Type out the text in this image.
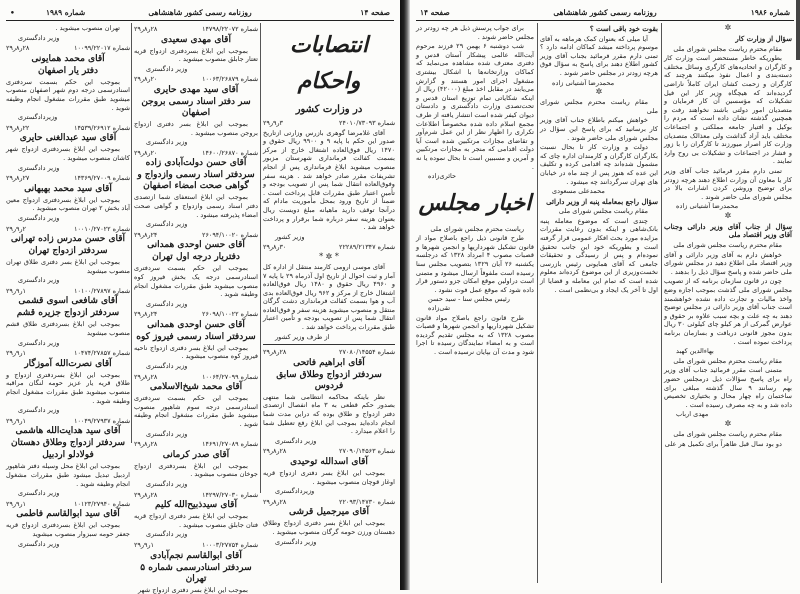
•	شماره ۱۹۸۹	روزنامه رسمی کشور شاهنشاهی	صفحه ۱۴
شماره ۱۴۷۹۸/۲۲۰۷۲
۲۸ر۸ر۲۹
آقای مهدی سعیدی
بموجب این ابلاغ بسردفتری ازدواج قریه تعتار جابلق منصوب میشوید .
وزیر دادگستری
شماره ۱۰۰۶۳/۲۶۸۷۹
۲۰ر۸ر۲۹
آقای سید مهدی حایری
سر دفتر اسناد رسمی بروجن اصفهان
بموجب این ابلاغ بسر دفتری ازدواج بروجن منصوب میشوید .
وزیر دادگستری
شماره ۱۴۶۰۰/۲۶۸۷۰
۲۰ر۸ر۲۹
آقای حسن دولت‌آبادی زاده
سردفتر اسناد رسمی وازدواج و گواهی صحت امضاء اصفهان
بموجب این ابلاغ استعفای شما ازتصدی دفتر اسناد رسمی وازدواج و گواهی صحت امضاء پذیرفته میشود .
وزیر دادگستری
شماره ۲۶۰۹۴/۱۰۰۲۰
۲۴ر۸ر۲۹
آقای حسن اوحدی همدانی
دفتریار درجه اول تهران
بموجب این حکم بسمت سردفتری اسنادرسمی درجه یک بخش فیروز کوه منصوب میشوید طبق مقررات مشغول انجام وظیفه شوید .
وزیر دادگستری
شماره ۲۶۰۹۸/۱۰۰۲۲
۲۴ر۸ر۲۹
آقای حسن اوحدی همدانی
سردفتر اسناد رسمی فیروز کوه
بموجب این ابلاغ بسر دفتری ازدواج ناحیه فیروز کوه منصوب میشوید .
وزیر دادگستری
شماره ۱۰۰۶۴/۲۷۰۹۹
۲۸ر۸ر۲۹
آقای محمد شیخ‌الاسلامی
بموجب این حکم بسمت سردفتری اسنادرسمی درجه سوم شاهپور منصوب میشوید طبق مقررات مشغول انجام وظیفه شوید .
وزیر دادگستری
شماره ۱۴۶۹۱/۲۷۰۸۹
۲۸ر۸ر۲۹
آقای صدر کرمانی
بموجب این ابلاغ بسردفتری ازدواج جوخان منصوب میشوید .
وزیر دادگستری
شماره ۱۴۲۹۷/۲۷۰۳۰
۲۸ر۸ر۲۹
آقای سیدذبیح‌الله کلیم
بموجب این ابلاغ بسر دفتری ازدواج قریه فتان جابلق منصوب میشوید .
وزیر دادگستری
شماره ۱۰۰۰۳/۲۷۷۵۴
۱ر۹ر۲۹
آقای ابوالقاسم نجم‌آبادی
سردفتر اسنادرسمی شماره ۵ تهران
بموجب این ابلاغ بسر دفتری ازدواج شهر
تهران منصوب میشوید .
وزیر دادگستری
شماره ۱۰۰۹۹/۲۲۰۱۷
۲۸ر۸ر۲۹
آقای محمد همایونی
دفتر یار اصفهان
بموجب این حکم بسمت سردفتری اسنادرسمی درجه دوم شهر اصفهان منصوب میشوید طبق مقررات مشغول انجام وظیفه شوید .
وزیردادگستری
شماره ۱۴۵۳۹/۲۶۹۱۲
۲۲ر۸ر۲۹
آقای سید عبدالغنی حایری
بموجب این ابلاغ بسردفتری ازدواج شهر کاشان منصوب میشوید .
وزیر دادگستری
شماره ۱۴۳۶۹/۲۷۰۰۹
۲۷ر۸ر۲۹
آقای سید محمد بهبهانی
بموجب این ابلاغ بسردفتری ازدواج معین آباد بخش ۲ تهران منصوب میشوید .
وزیر دادگستری
شماره ۱۰۰۱۰/۲۷۰۲۲
۲ر۹ر۲۹
آقای حسن مدرس زاده تهرانی
سردفتر ازدواج تهران
بموجب این ابلاغ بسر دفتری طلاق تهران منصوب میشوید
وزیر دادگستری
شماره ۱۰۱۰۰/۲۷۸۹۷
۱ر۹ر۲۹
آقای شافعی اسوی قشمی
سردفتر ازدواج جزیره قشم
بموجب این ابلاغ بسردفتری طلاق قشم منصوب میشوید
وزیر دادگستری
شماره ۱۰۴۷۴/۲۷۸۵۷
۱ر۹ر۲۹
آقای نصرت‌الله آموزگار
بموجب این ابلاغ بسردفتری ازدواج و طلاق قریه یار عزیز حومه لنگان مراقبه منصوب میشوید طبق مقررات مشغول انجام وظیفه شوید .
وزیر دادگستری
شماره ۱۰۰۴۹/۲۷۹۳۷
۱ر۹ر۲۹
آقای سید هدایت‌الله هاشمی
سردفتر ازدواج وطلاق دهستان
فولادلو اردبیل
بموجب این ابلاغ محل وسیله دفتر شاهپور اردبیل تبدیل میشود طبق مقررات مشغول انجام وظیفه شوید .
وزیر دادگستری
شماره ۱۰۱۲۳/۲۷۹۴۰
۱ر۹ر۲۹
آقای سید ابوالقاسم فاطمی
بموجب این ابلاغ بسردفتری ازدواج قریه جعفر حومه سبزوار منصوب میشوید
وزیر دادگستری
انتصابات واحکام
در وزارت کشور
شماره ۲۴۰۱۰/۷۳۰۹۳
۳ر۹ر۲۹
آقای غلامرضا گوهری بازرس وزارتی ازتاریخ صدور این حکم با پایه ۹ و ۹۹۰۰ ریال حقوق و ۱۴۷۰ ریال فوق‌العاده اشتغال خارج از مرکز بسمت کفالت فرمانداری شهرستان مزبور منصوب میشوید ابلاغ فرمانداری پس از انجام تشریفات مقرر صادر خواهد شد . هزینه سفر وفوق‌العاده انتقال شما پس از تصویب بودجه و تأمین اعتبار طبق مقررات قابل پرداخت است . ضمناً از تاریخ ورود بمحل مأموریت مادام که درآنجا توقف دارید ماهیانه مبلغ دویست ریال بعنوان هزینه سفر درباره شما برقرار و پرداخت خواهد شد .
وزیر کشور
شماره ۲۲۲۸۹/۲۱۳۴۷
۳۰ر۸ر۲۹
* ✲ *
آقای موسی ارومی کارمند منتقل از اداره کل آمار و ثبت احوال از تاریخ اول آذرماه ۲۹ با پایه ۷ و ۴۹۶۰ ریال حقوق و ۱۴۸۰ ریال فوق‌العاده اشتغال خارج از مرکز و ۹۶۲ ریال فوق‌العاده بدی آب و هوا بسمت کفالت فرمانداری دشت گرگان منتقل و منصوب میشوید هزینه سفر و فوق‌العاده انتقال شما پس از تصویب بودجه و تأمین اعتبار طبق مقررات پرداخت خواهد شد .
از طرف وزیر کشور
شماره ۲۷۰۸۰/۱۴۵۵۴
۲۸ر۸ر۲۹
آقای ابراهیم فاتحی
سردفتر ازدواج وطلاق سابق فردوس
نظر باینکه محاکمه انتظامی شما منتهی بصدور حکم قطعی به ۳ ماه انفصال ازتصدی دفتر ازدواج و طلاق بوده که دراین مدت شما انجام داده‌اید بموجب این ابلاغ رفع تعطیل شما را اعلام میدارد .
وزیر دادگستری
شماره ۲۷۰۹۰/۱۴۵۶۳
۲۸ر۸ر۲۹
آقای اسدالله توحیدی
بموجب این ابلاغ بسر دفتری ازدواج قریه اوغاز قوچان منصوب میشوید .
وزیردادگستری
شماره ۲۲۰۹۳/۱۴۷۳۰
۲۸ر۸ر۲۹
آقای میرجمیل قرشی
بموجب این ابلاغ بسر دفتری ازدواج وطلاق دهستان ورزن حومه گرگان منصوب میشوید .
وزیر دادگستری
صفحه ۱۴	روزنامه رسمی کشور شاهنشاهی	شماره ۱۹۸۶
برای جواب پرسش ذیل هر چه زودتر در مجلس حاضر شوند .
شب دوشنبه ۶ بهمن ۲۹ فرزند مرحوم آیت‌الله عالمی پیشکار آستان قدس و دفتری معترف شده مشاهده می‌نماید که کماکان وزارتخانه‌ها با اشکال بیشتری مشغول اجرای امور هستند و گزارش می‌یابند در مقابل اخذ مبلغ (۴۲۰۰۰) ریال از اینکه شکایاتی تمام توزیع استان قدس و تحت‌تصدی وزارت دادگستری و دادستان دیوان کیفر شده است انتشار یافته از طرف مجمع اسلام داده شده مخصوصاً اطلاعات تکراری را اظهار نظر از این عمل شرم‌آور و تقاضای مجازات مرتکبین شده است آیا دولت اقدامی که منجر به مجازات مرتکبین و آمرین و مسببین است تا بحال نموده یا نه .
حائری‌زاده
اخبار مجلس
ریاست محترم مجلس شورای ملی
طرح قانونی ذیل راجع باصلاح مواد از قانون تشکیل شهرداریها و انجمن شهرها و قصبات مصوب ۴ امرداد ۱۳۲۸ که درجلسه یکشنبه ۲۶ آبان ۱۳۲۹ بتصویب مجلس سنا رسیده است ملفوفاً ارسال میشود و متمنی است دراولین موقع امکان جزو دستور قرار داده شود که موقع عمل فوت نشود .
رئیس مجلس سنا - سید حسن تقی‌زاده
طرح قانون راجع باصلاح مواد قانون تشکیل شهرداریها و انجمن شهرها و قصبات مصوب ۱۳۲۸ که به مجلس تقدیم گردیده است و به امضاء نمایندگان رسیده تا اجرا شود و مدت آن بپایان نرسیده است .
بقوت خود باقی است ؟
آیا میلی که بعنوان کمک هرماهه به آقای موسوم پرداخته میشد کماکان ادامه دارد ؟ تمنی دارم مقرر فرمائید بجناب آقای وزیر کشور اطلاع دهند برای پاسخ به سؤال فوق هرچه زودتر در مجلس حاضر شوند .
محمدرضا آشتیانی زاده
✲
مقام ریاست محترم مجلس شورای ملی
خواهش میکنم باطلاع جناب آقای وزیر کار برسانید که برای پاسخ این سؤال در مجلس شورای ملی حاضر شوند .
دولت و وزارت کار تا بحال نسبت بکارگران کارگران و کارمندان اداره چای که مشمول شده‌اند چه اقدامی کرده و تکلیف این عده که هنوز پس از چند ماه در خیابان های تهران سرگردانند چه میشود .
محمدعلی مسعودی
سؤال راجع بمعامله پنبه از وزیر دارائی
مقام ریاست مجلس شورای ملی
چندی است که موضوع معامله پنبه بانک‌شاهی و اینکه بدون رعایت مقررات مزایده مورد بحث افکار عمومی قرار گرفته است و بطوریکه خود این جانب تحقیق نموده‌ام و پس از رسیدگی و تحقیقات جامعی که آقای همایونی رئیس بازرسی نخست‌وزیری از این موضوع کرده‌اند معلوم شده است که تمام این معامله و قضایا از اول تا آخر یک ایجاد و بی‌نظمی است .
✲
سؤال از وزارت کار
مقام محترم ریاست مجلس شورای ملی
بطوریکه خاطر مستحضر است وزارت کار و کارگران و اتحادیه‌های کارگری وسائل مختلف دسته‌بندی و اعمال نفوذ میکنند هرچند که کارگران و زحمت کشان ایران کاملاً ناراضی گردیده‌اند که هیچگاه وزیر کار این فیل تشکیلات که مؤسسین آن کار فرمایان و متصدیان امور دولتی باشند نخواهند رفت و همچنین گذشته نشان داده است که مردم را بوکیل و افتیار جامعه مملکتی و اجتماعات مختلف باید آزاد گذاشت ولی معذالک متصدیان وزارت کار اصرار میورزند تا کارگران را با زور و فشار در اجتماعات و تشکیلات بی روح وارد نمایند .
تمنی دارم مقرر فرمائید جناب آقای وزیر کار یا معاون آن وزارت اطلاع دهند هرچه زودتر برای توضیح وروشن کردن اشارات بالا در مجلس شورای ملی حاضر شوند .
محمدرضا آشتیانی زاده
✲
سؤال از جناب آقای وزیر دارائی وجناب آقای وزیر اقتصاد ملی
مقام محترم ریاست مجلس شورای ملی
خواهش دارم به آقای وزیر دارائی و آقای وزیر اقتصاد ملی اطلاع دهید در مجلس شورای ملی حاضر شده و پاسخ سؤال ذیل را بدهند .
چون در قانون سازمان برنامه که از تصویب مجلس شورای ملی گذشت بموجب اجازه وضع واخذ مالیات و تجارت داده نشده خواهشمند است جناب آقای وزیر دارائی در مجلس توضیح دهند به چه علت و بچه سبب علاوه بر حقوق و عوارض گمرکی از هر کیلو چای کیلوئی ۳۰ ریال بدون مجوز قانونی دریافت و بسازمان برنامه پرداخت نموده است .
بهاءالدین کهبد
مقام ریاست محترم مجلس شورای ملی
متمنی است مقرر فرمائید جناب آقای وزیر راه برای پاسخ سؤالات ذیل درمجلس حضور بهم رسانند ۹ سال گذشته مبلغی برای ساختمان راه چهار محال و بختیاری تخصیص داده شد و به چه مصرف رسیده است .
مهدی ارباب
✲
مقام محترم ریاست مجلس شورای ملی
دو بود سال قبل ظاهراً برای تکمیل هر علی
